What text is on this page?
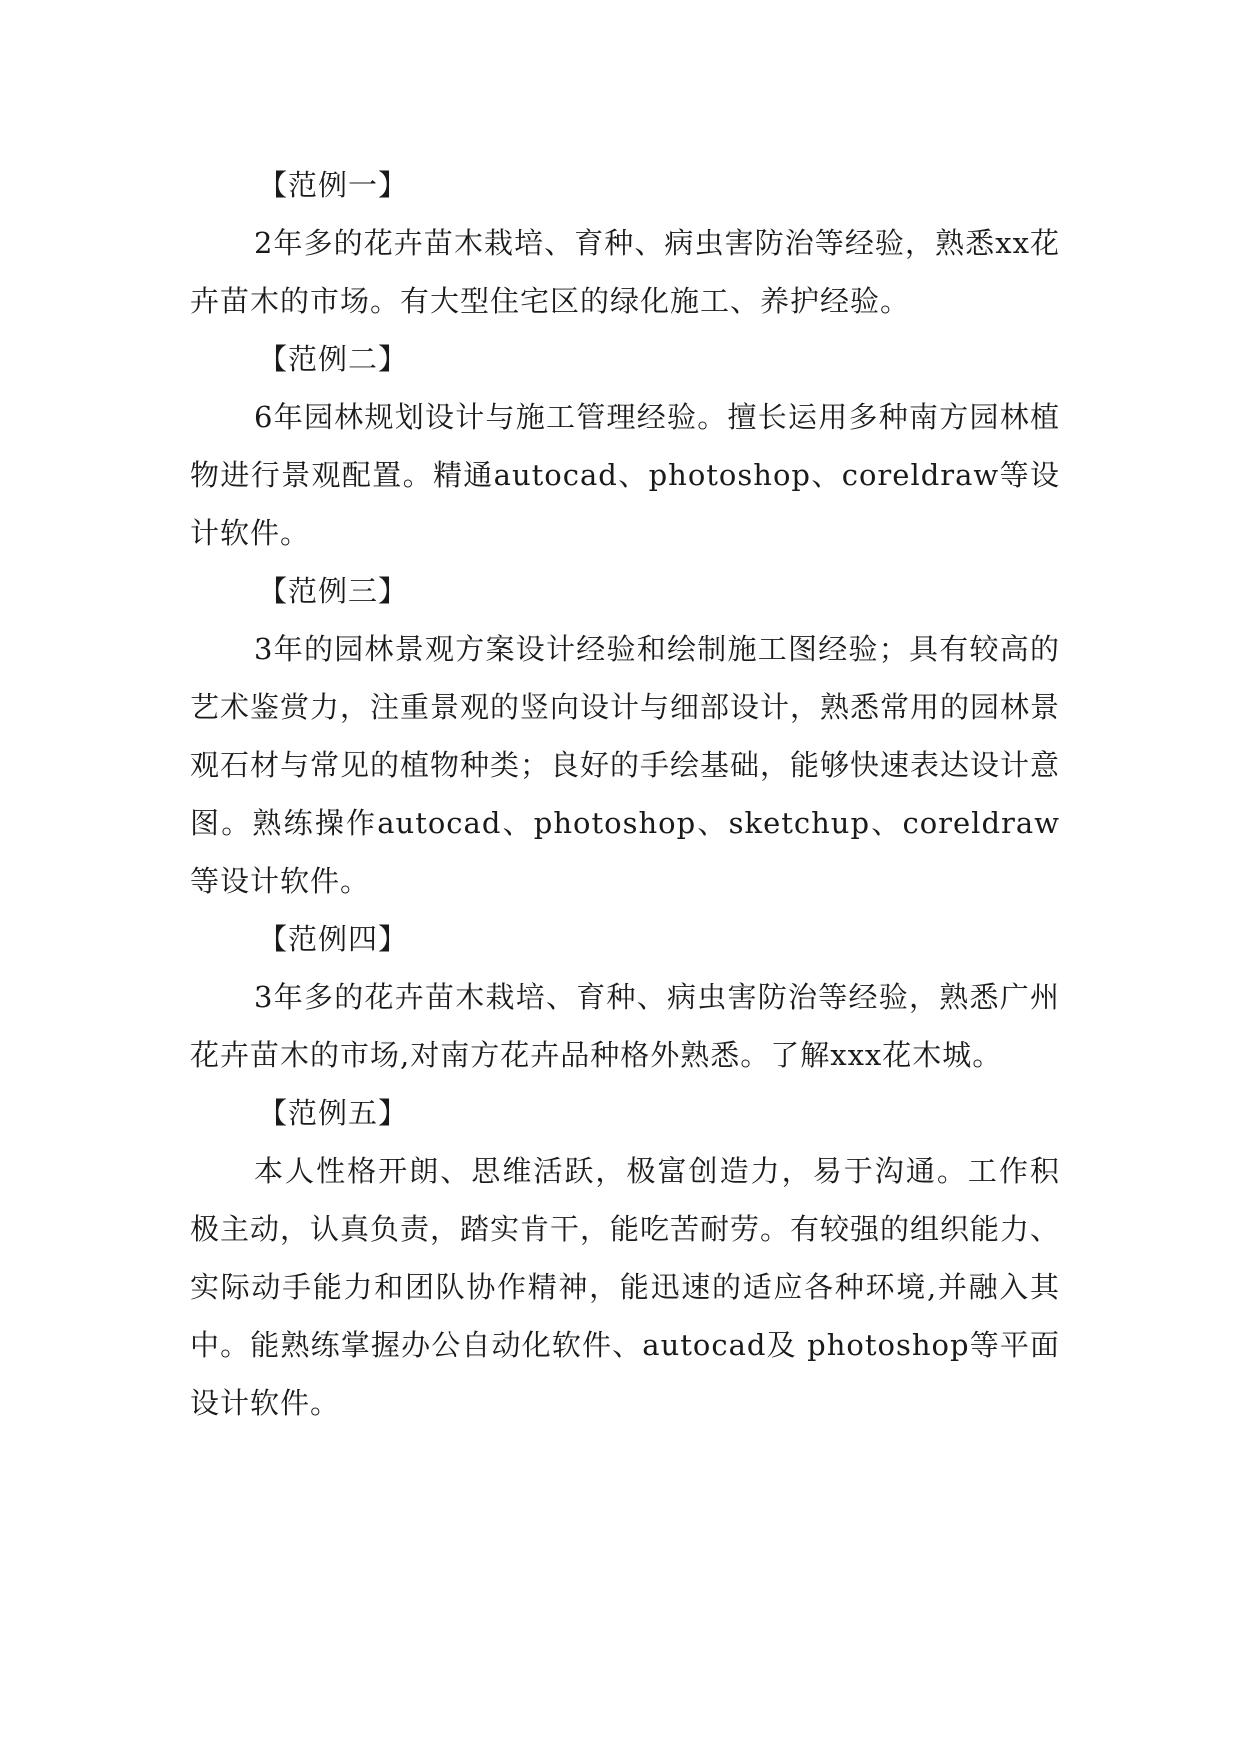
【范例一】

2年多的花卉苗木栽培、育种、病虫害防治等经验，熟悉xx花卉苗木的市场。有大型住宅区的绿化施工、养护经验。

【范例二】

6年园林规划设计与施工管理经验。擅长运用多种南方园林植物进行景观配置。精通autocad、photoshop、coreldraw等设计软件。

【范例三】

3年的园林景观方案设计经验和绘制施工图经验；具有较高的艺术鉴赏力，注重景观的竖向设计与细部设计，熟悉常用的园林景观石材与常见的植物种类；良好的手绘基础，能够快速表达设计意图。熟练操作autocad、photoshop、sketchup、coreldraw等设计软件。

【范例四】

3年多的花卉苗木栽培、育种、病虫害防治等经验，熟悉广州花卉苗木的市场,对南方花卉品种格外熟悉。了解xxx花木城。

【范例五】

本人性格开朗、思维活跃，极富创造力，易于沟通。工作积极主动，认真负责，踏实肯干，能吃苦耐劳。有较强的组织能力、实际动手能力和团队协作精神，能迅速的适应各种环境,并融入其中。能熟练掌握办公自动化软件、autocad及 photoshop等平面设计软件。
